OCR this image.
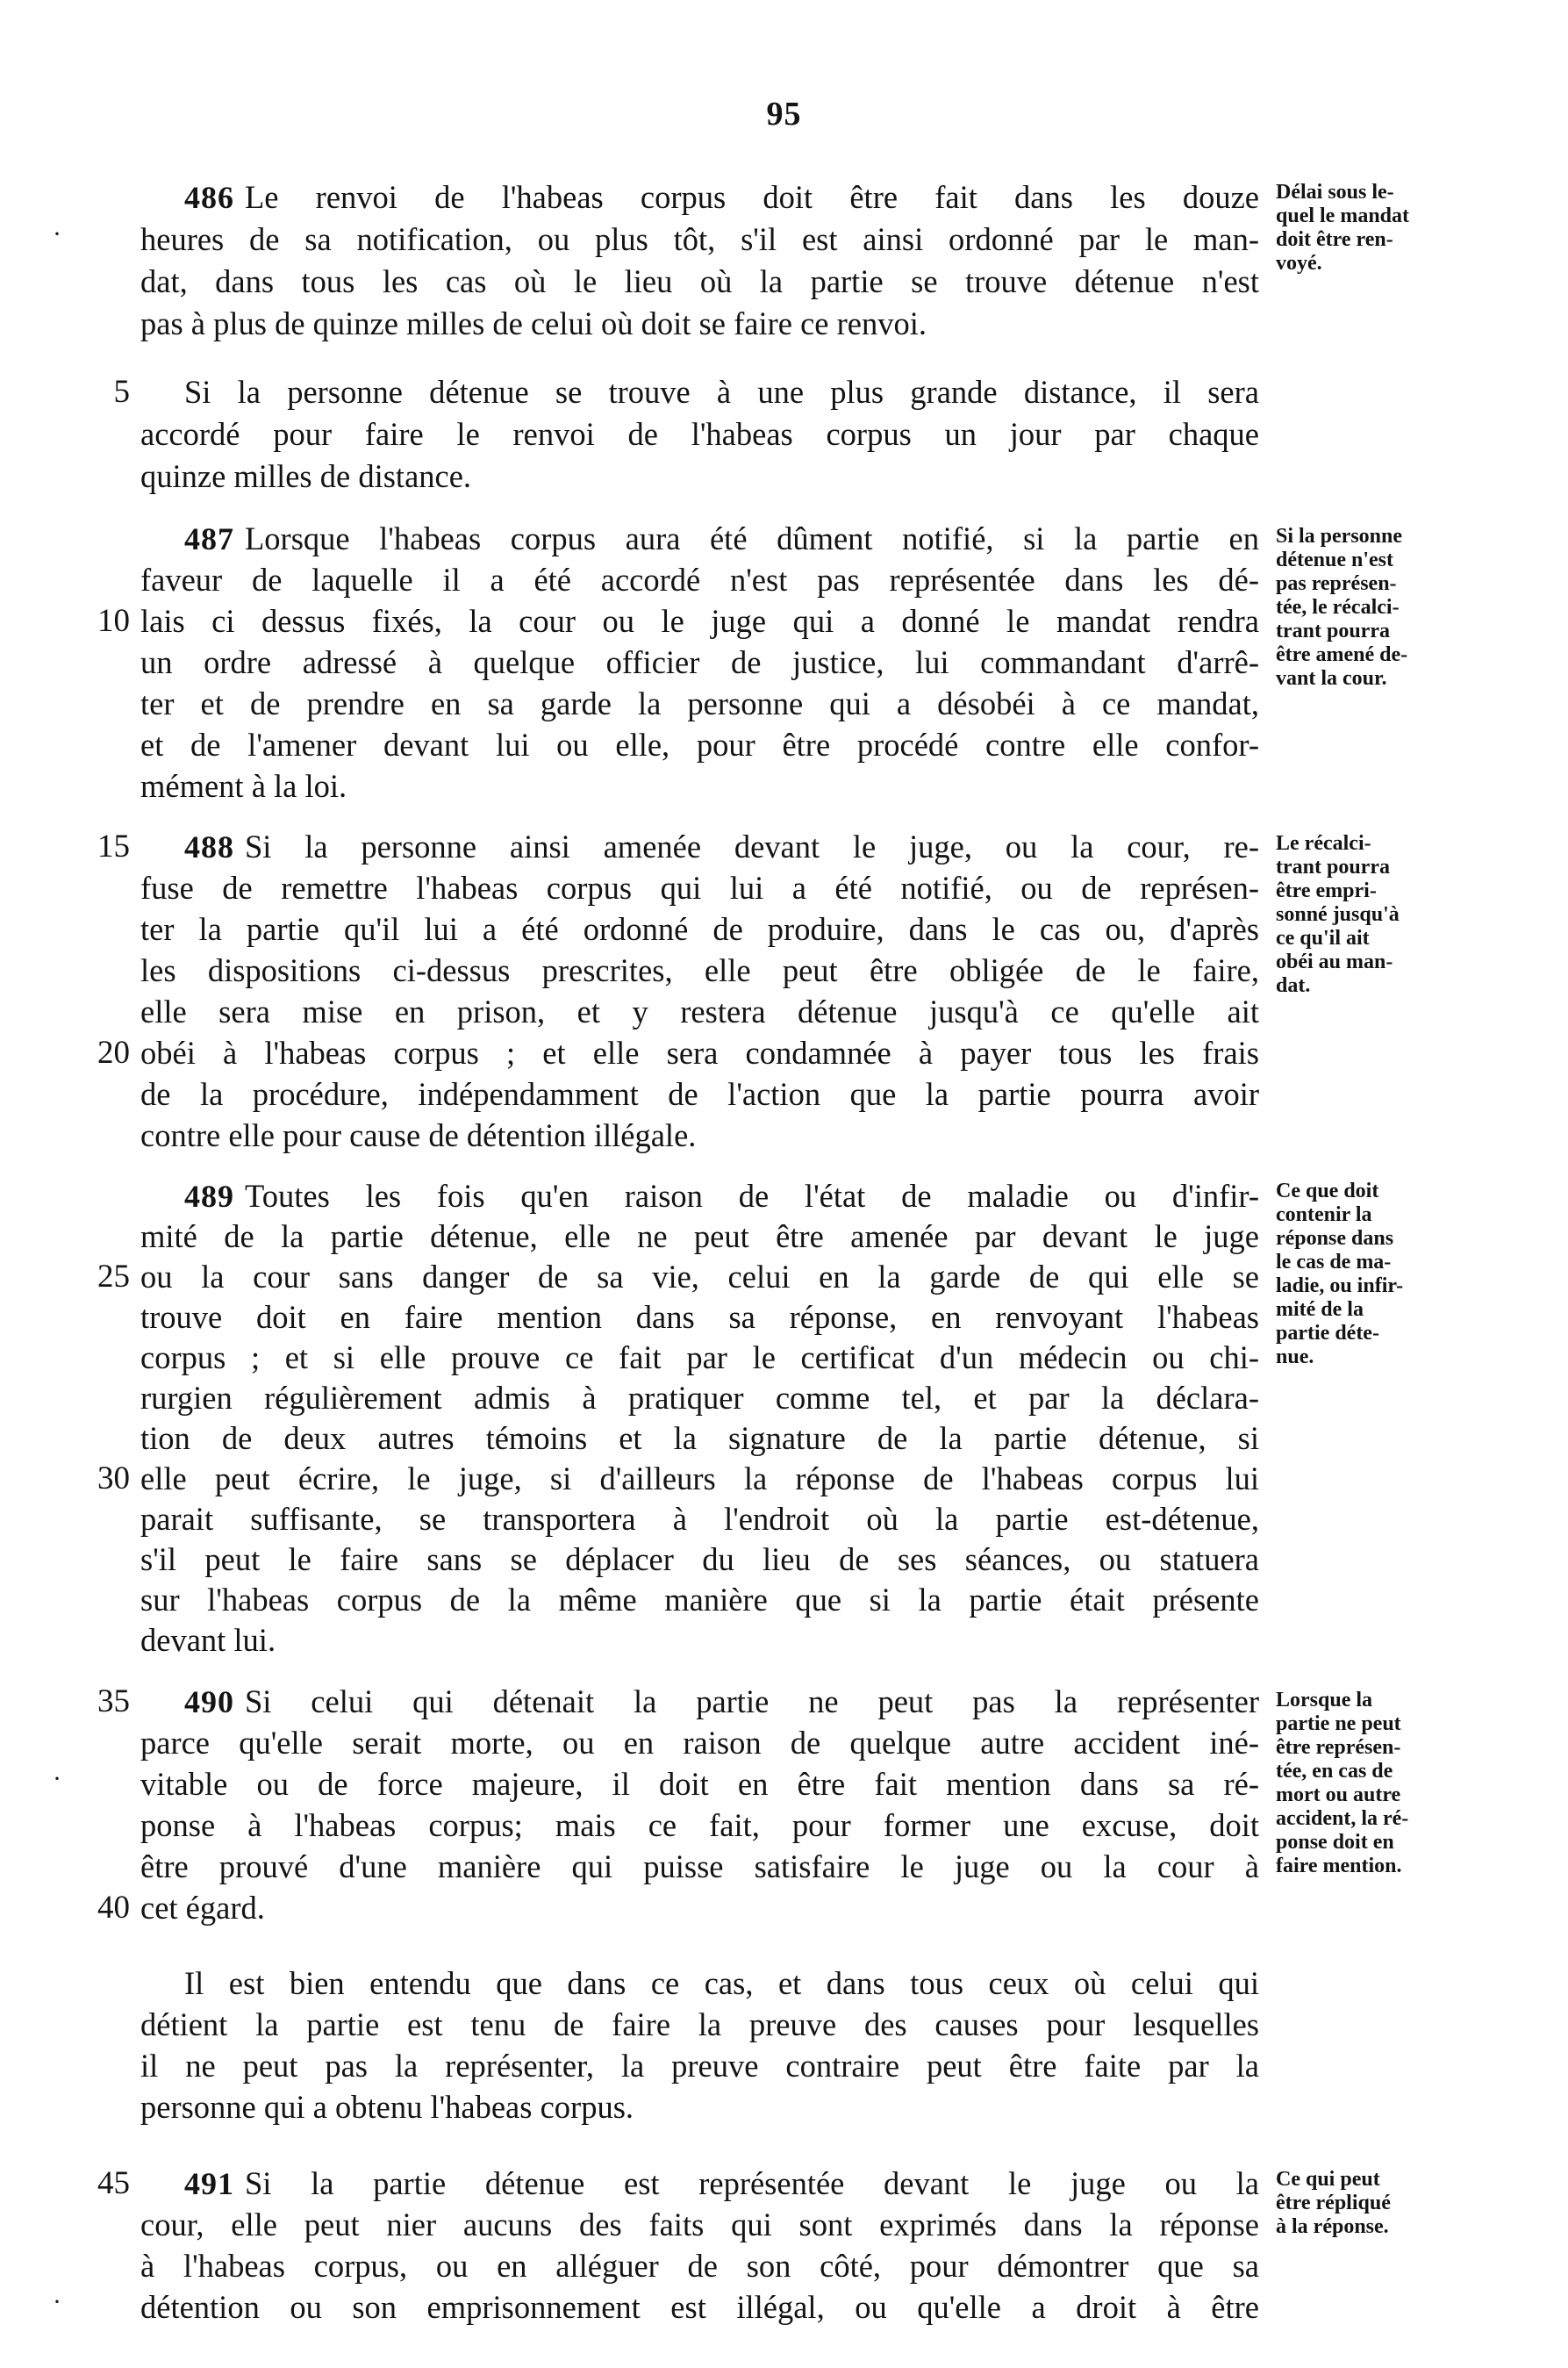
95
486 Le renvoi de l'habeas corpus doit être fait dans les douze
heures de sa notification, ou plus tôt, s'il est ainsi ordonné par le man-
dat, dans tous les cas où le lieu où la partie se trouve détenue n'est
pas à plus de quinze milles de celui où doit se faire ce renvoi.
Si la personne détenue se trouve à une plus grande distance, il sera
accordé pour faire le renvoi de l'habeas corpus un jour par chaque
quinze milles de distance.
Délai sous le-
quel le mandat
doit être ren-
voyé.
487 Lorsque l'habeas corpus aura été dûment notifié, si la partie en
faveur de laquelle il a été accordé n'est pas représentée dans les dé-
lais ci dessus fixés, la cour ou le juge qui a donné le mandat rendra
un ordre adressé à quelque officier de justice, lui commandant d'arrê-
ter et de prendre en sa garde la personne qui a désobéi à ce mandat,
et de l'amener devant lui ou elle, pour être procédé contre elle confor-
mément à la loi.
Si la personne
détenue n'est
pas représen-
tée, le récalci-
trant pourra
être amené de-
vant la cour.
488 Si la personne ainsi amenée devant le juge, ou la cour, re-
fuse de remettre l'habeas corpus qui lui a été notifié, ou de représen-
ter la partie qu'il lui a été ordonné de produire, dans le cas ou, d'après
les dispositions ci-dessus prescrites, elle peut être obligée de le faire,
elle sera mise en prison, et y restera détenue jusqu'à ce qu'elle ait
obéi à l'habeas corpus ; et elle sera condamnée à payer tous les frais
de la procédure, indépendamment de l'action que la partie pourra avoir
contre elle pour cause de détention illégale.
Le récalci-
trant pourra
être empri-
sonné jusqu'à
ce qu'il ait
obéi au man-
dat.
489 Toutes les fois qu'en raison de l'état de maladie ou d'infir-
mité de la partie détenue, elle ne peut être amenée par devant le juge
ou la cour sans danger de sa vie, celui en la garde de qui elle se
trouve doit en faire mention dans sa réponse, en renvoyant l'habeas
corpus ; et si elle prouve ce fait par le certificat d'un médecin ou chi-
rurgien régulièrement admis à pratiquer comme tel, et par la déclara-
tion de deux autres témoins et la signature de la partie détenue, si
elle peut écrire, le juge, si d'ailleurs la réponse de l'habeas corpus lui
parait suffisante, se transportera à l'endroit où la partie est-détenue,
s'il peut le faire sans se déplacer du lieu de ses séances, ou statuera
sur l'habeas corpus de la même manière que si la partie était présente
devant lui.
Ce que doit
contenir la
réponse dans
le cas de ma-
ladie, ou infir-
mité de la
partie déte-
nue.
490 Si celui qui détenait la partie ne peut pas la représenter
parce qu'elle serait morte, ou en raison de quelque autre accident iné-
vitable ou de force majeure, il doit en être fait mention dans sa ré-
ponse à l'habeas corpus; mais ce fait, pour former une excuse, doit
être prouvé d'une manière qui puisse satisfaire le juge ou la cour à
cet égard.
Il est bien entendu que dans ce cas, et dans tous ceux où celui qui
détient la partie est tenu de faire la preuve des causes pour lesquelles
il ne peut pas la représenter, la preuve contraire peut être faite par la
personne qui a obtenu l'habeas corpus.
Lorsque la
partie ne peut
être représen-
tée, en cas de
mort ou autre
accident, la ré-
ponse doit en
faire mention.
491 Si la partie détenue est représentée devant le juge ou la
cour, elle peut nier aucuns des faits qui sont exprimés dans la réponse
à l'habeas corpus, ou en alléguer de son côté, pour démontrer que sa
détention ou son emprisonnement est illégal, ou qu'elle a droit à être
Ce qui peut
être répliqué
à la réponse.
5
10
15
20
25
30
35
40
45
·
·
·
